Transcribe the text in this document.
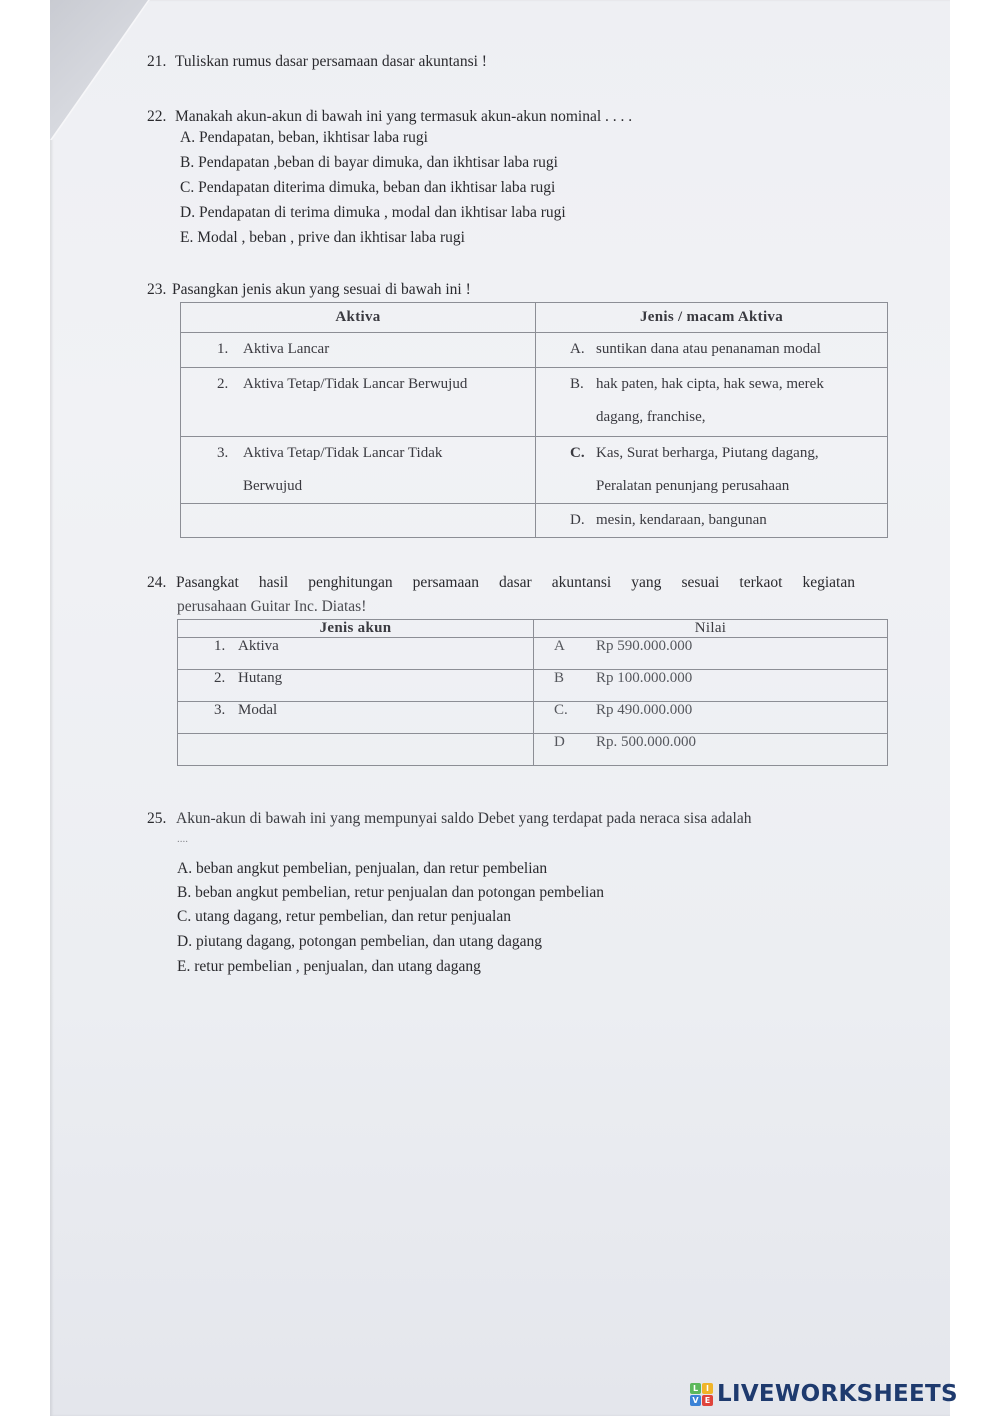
21. Tuliskan rumus dasar persamaan dasar akuntansi !
22. Manakah akun-akun di bawah ini yang termasuk akun-akun nominal . . . .
A. Pendapatan, beban, ikhtisar laba rugi
B. Pendapatan ,beban di bayar dimuka, dan ikhtisar laba rugi
C. Pendapatan diterima dimuka, beban dan ikhtisar laba rugi
D. Pendapatan di terima dimuka , modal dan ikhtisar laba rugi
E. Modal , beban , prive dan ikhtisar laba rugi
23. Pasangkan jenis akun yang sesuai di bawah ini !
Aktiva	Jenis / macam Aktiva

1. Aktiva Lancar	A. suntikan dana atau penanaman modal

2. Aktiva Tetap/Tidak Lancar Berwujud	B. hak paten, hak cipta, hak sewa, merek
dagang, franchise,

3. Aktiva Tetap/Tidak Lancar Tidak
Berwujud	C. Kas, Surat berharga, Piutang dagang,
Peralatan penunjang perusahaan

	D. mesin, kendaraan, bangunan
24. Pasangkat hasil penghitungan persamaan dasar akuntansi yang sesuai terkaot kegiatan
perusahaan Guitar Inc. Diatas!
Jenis akun	Nilai
1. Aktiva	A Rp 590.000.000
2. Hutang	B Rp 100.000.000
3. Modal	C. Rp 490.000.000
	D Rp. 500.000.000
25. Akun-akun di bawah ini yang mempunyai saldo Debet yang terdapat pada neraca sisa adalah
....
A. beban angkut pembelian, penjualan, dan retur pembelian
B. beban angkut pembelian, retur penjualan dan potongan pembelian
C. utang dagang, retur pembelian, dan retur penjualan
D. piutang dagang, potongan pembelian, dan utang dagang
E. retur pembelian , penjualan, dan utang dagang
L I
V E LIVEWORKSHEETS
